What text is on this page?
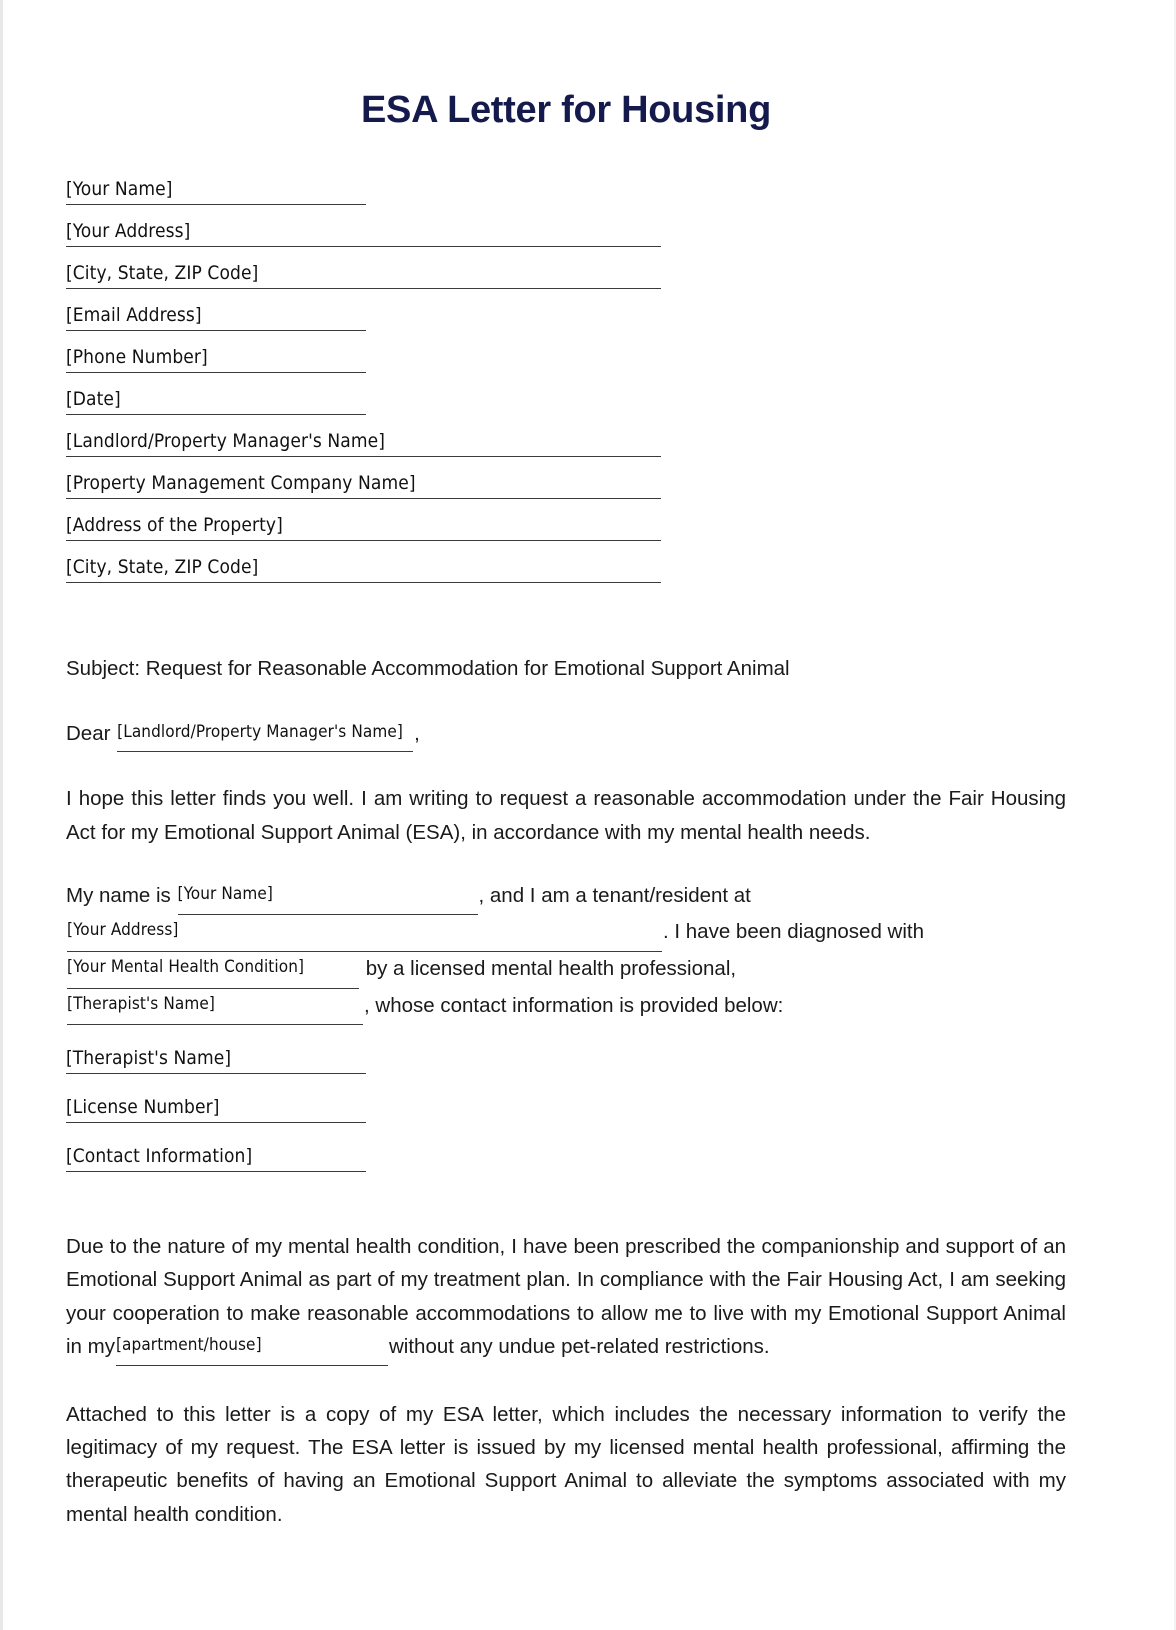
ESA Letter for Housing
[Your Name]
[Your Address]
[City, State, ZIP Code]
[Email Address]
[Phone Number]
[Date]
[Landlord/Property Manager's Name]
[Property Management Company Name]
[Address of the Property]
[City, State, ZIP Code]
Subject: Request for Reasonable Accommodation for Emotional Support Animal
Dear [Landlord/Property Manager's Name] ,

I hope this letter finds you well. I am writing to request a reasonable accommodation under the Fair Housing Act for my Emotional Support Animal (ESA), in accordance with my mental health needs.

My name is [Your Name]	, and I am a tenant/resident at
[Your Address]	. I have been diagnosed with
[Your Mental Health Condition]	by a licensed mental health professional,
[Therapist's Name]	, whose contact information is provided below:
[Therapist's Name]
[License Number]
[Contact Information]

Due to the nature of my mental health condition, I have been prescribed the companionship and support of an Emotional Support Animal as part of my treatment plan. In compliance with the Fair Housing Act, I am seeking your cooperation to make reasonable accommodations to allow me to live with my Emotional Support Animal in my[apartment/house]	without any undue pet-related restrictions.

Attached to this letter is a copy of my ESA letter, which includes the necessary information to verify the legitimacy of my request. The ESA letter is issued by my licensed mental health professional, affirming the therapeutic benefits of having an Emotional Support Animal to alleviate the symptoms associated with my mental health condition.
